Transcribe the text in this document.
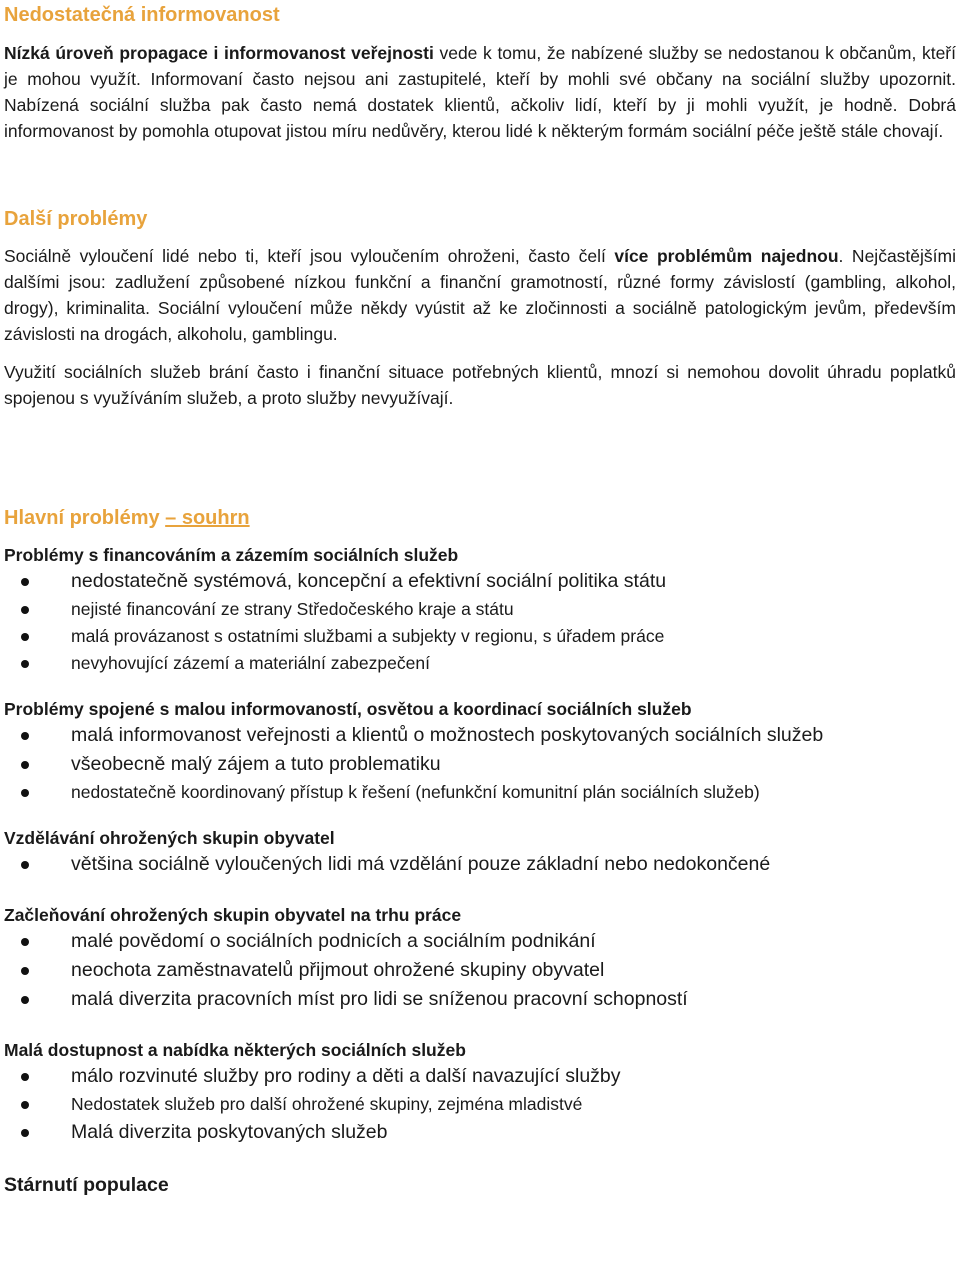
Nedostatečná informovanost

Nízká úroveň propagace i informovanost veřejnosti vede k tomu, že nabízené služby se nedostanou k občanům, kteří je mohou využít. Informovaní často nejsou ani zastupitelé, kteří by mohli své občany na sociální služby upozornit. Nabízená sociální služba pak často nemá dostatek klientů, ačkoliv lidí, kteří by ji mohli využít, je hodně. Dobrá informovanost by pomohla otupovat jistou míru nedůvěry, kterou lidé k některým formám sociální péče ještě stále chovají.

Další problémy

Sociálně vyloučení lidé nebo ti, kteří jsou vyloučením ohroženi, často čelí více problémům najednou. Nejčastějšími dalšími jsou: zadlužení způsobené nízkou funkční a finanční gramotností, různé formy závislostí (gambling, alkohol, drogy), kriminalita. Sociální vyloučení může někdy vyústit až ke zločinnosti a sociálně patologickým jevům, především závislosti na drogách, alkoholu, gamblingu.

Využití sociálních služeb brání často i finanční situace potřebných klientů, mnozí si nemohou dovolit úhradu poplatků spojenou s využíváním služeb, a proto služby nevyužívají.

Hlavní problémy – souhrn
Problémy s financováním a zázemím sociálních služeb
nedostatečně systémová, koncepční a efektivní sociální politika státu
nejisté financování ze strany Středočeského kraje a státu
malá provázanost s ostatními službami a subjekty v regionu, s úřadem práce
nevyhovující zázemí a materiální zabezpečení
Problémy spojené s malou informovaností, osvětou a koordinací sociálních služeb
malá informovanost veřejnosti a klientů o možnostech poskytovaných sociálních služeb
všeobecně malý zájem a tuto problematiku
nedostatečně koordinovaný přístup k řešení (nefunkční komunitní plán sociálních služeb)
Vzdělávání ohrožených skupin obyvatel
většina sociálně vyloučených lidi má vzdělání pouze základní nebo nedokončené
Začleňování ohrožených skupin obyvatel na trhu práce
malé povědomí o sociálních podnicích a sociálním podnikání
neochota zaměstnavatelů přijmout ohrožené skupiny obyvatel
malá diverzita pracovních míst pro lidi se sníženou pracovní schopností
Malá dostupnost a nabídka některých sociálních služeb
málo rozvinuté služby pro rodiny a děti a další navazující služby
Nedostatek služeb pro další ohrožené skupiny, zejména mladistvé
Malá diverzita poskytovaných služeb
Stárnutí populace
